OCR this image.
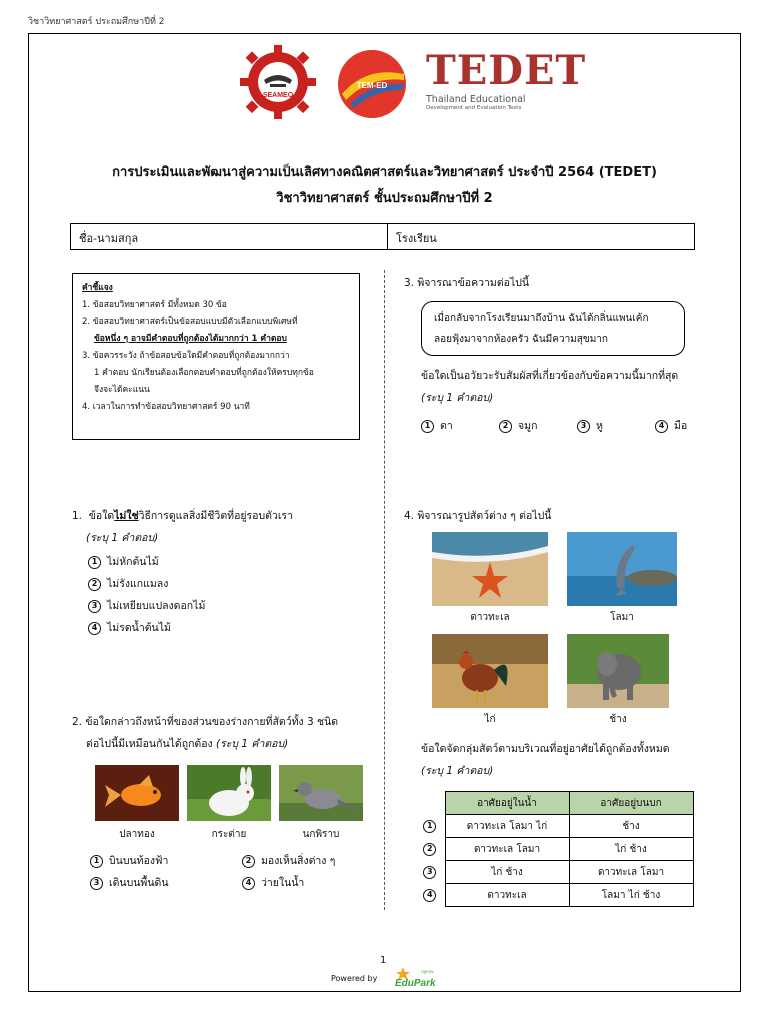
วิชาวิทยาศาสตร์ ประถมศึกษาปีที่ 2
SEAMEO
TEM-ED TEDET
Thailand Educational
Development and Evaluation Tests
การประเมินและพัฒนาสู่ความเป็นเลิศทางคณิตศาสตร์และวิทยาศาสตร์ ประจำปี 2564 (TEDET)
วิชาวิทยาศาสตร์ ชั้นประถมศึกษาปีที่ 2
ชื่อ-นามสกุล	โรงเรียน
คำชี้แจง
1. ข้อสอบวิทยาศาสตร์ มีทั้งหมด 30 ข้อ
2. ข้อสอบวิทยาศาสตร์เป็นข้อสอบแบบมีตัวเลือกแบบพิเศษที่
ข้อหนึ่ง ๆ อาจมีคำตอบที่ถูกต้องได้มากกว่า 1 คำตอบ
3. ข้อควรระวัง ถ้าข้อสอบข้อใดมีคำตอบที่ถูกต้องมากกว่า
1 คำตอบ นักเรียนต้องเลือกตอบคำตอบที่ถูกต้องให้ครบทุกข้อ
จึงจะได้คะแนน
4. เวลาในการทำข้อสอบวิทยาศาสตร์ 90 นาที
1. ข้อใดไม่ใช่วิธีการดูแลสิ่งมีชีวิตที่อยู่รอบตัวเรา
(ระบุ 1 คำตอบ)
1 ไม่หักต้นไม้
2 ไม่รังแกแมลง
3 ไม่เหยียบแปลงดอกไม้
4 ไม่รดน้ำต้นไม้
2. ข้อใดกล่าวถึงหน้าที่ของส่วนของร่างกายที่สัตว์ทั้ง 3 ชนิด
ต่อไปนี้มีเหมือนกันได้ถูกต้อง (ระบุ 1 คำตอบ)
ปลาทอง	กระต่าย	นกพิราบ
1 บินบนท้องฟ้า	2 มองเห็นสิ่งต่าง ๆ
3 เดินบนพื้นดิน	4 ว่ายในน้ำ
3. พิจารณาข้อความต่อไปนี้
เมื่อกลับจากโรงเรียนมาถึงบ้าน ฉันได้กลิ่นแพนเค้ก
ลอยฟุ้งมาจากห้องครัว ฉันมีความสุขมาก
ข้อใดเป็นอวัยวะรับสัมผัสที่เกี่ยวข้องกับข้อความนี้มากที่สุด
(ระบุ 1 คำตอบ)
1 ตา	2 จมูก	3 หู	4 มือ
4. พิจารณารูปสัตว์ต่าง ๆ ต่อไปนี้
ดาวทะเล	โลมา
ไก่	ช้าง
ข้อใดจัดกลุ่มสัตว์ตามบริเวณที่อยู่อาศัยได้ถูกต้องทั้งหมด
(ระบุ 1 คำตอบ)
	อาศัยอยู่ในน้ำ	อาศัยอยู่บนบก
1	ดาวทะเล โลมา ไก่	ช้าง
2	ดาวทะเล โลมา	ไก่ ช้าง
3	ไก่ ช้าง	ดาวทะเล โลมา
4	ดาวทะเล	โลมา ไก่ ช้าง
1
Powered by EduPark
ปลูกสุข
